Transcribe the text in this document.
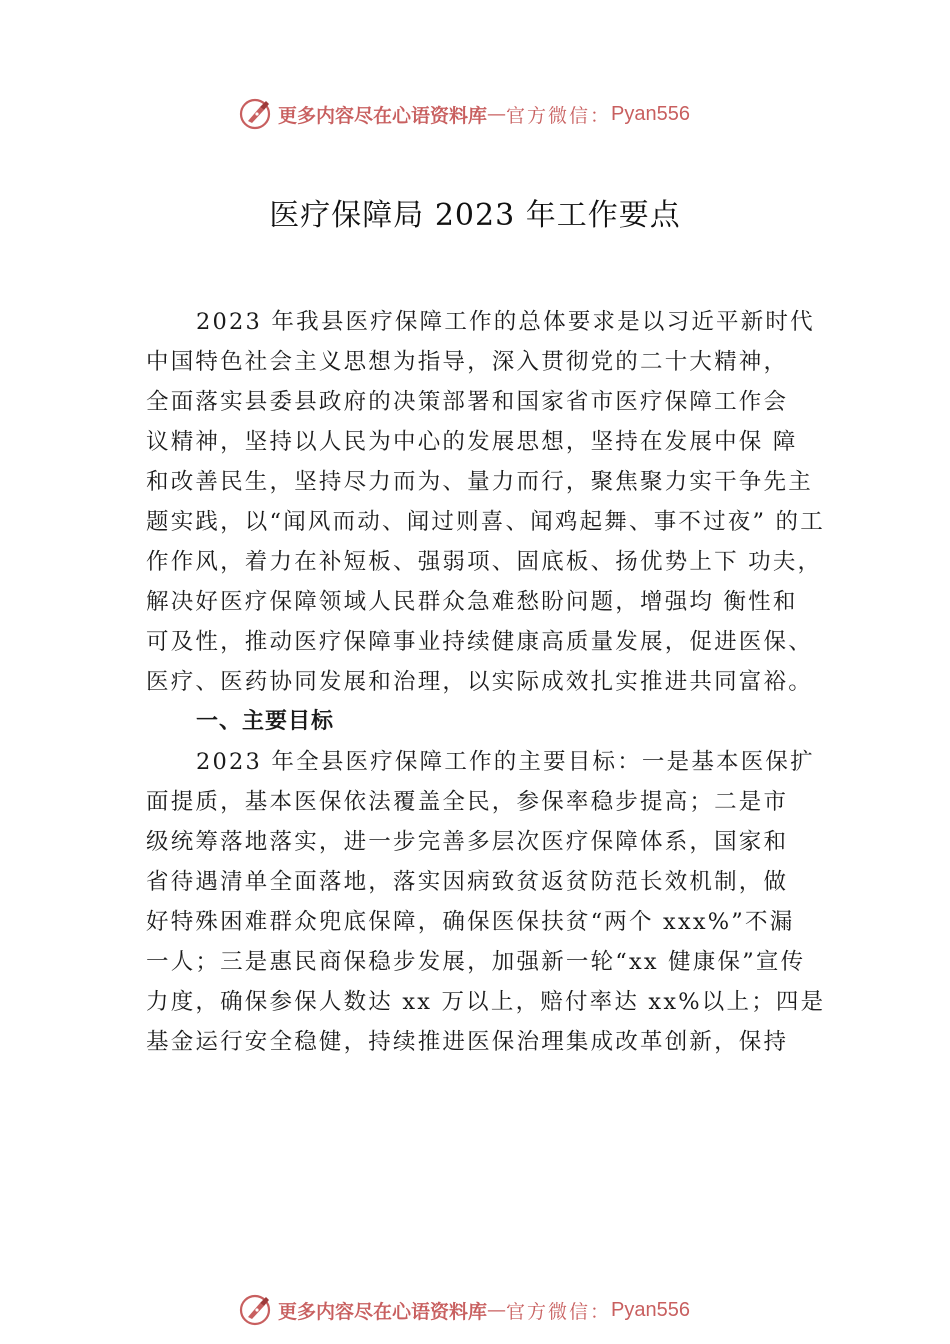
更多内容尽在心语资料库 — 官方微信： Pyan556
医疗保障局 2023 年工作要点
2023 年我县医疗保障工作的总体要求是以习近平新时代
中国特色社会主义思想为指导，深入贯彻党的二十大精神，
全面落实县委县政府的决策部署和国家省市医疗保障工作会
议精神，坚持以人民为中心的发展思想，坚持在发展中保 障
和改善民生，坚持尽力而为、量力而行，聚焦聚力实干争先主
题实践，以“闻风而动、闻过则喜、闻鸡起舞、事不过夜” 的工
作作风，着力在补短板、强弱项、固底板、扬优势上下 功夫，
解决好医疗保障领域人民群众急难愁盼问题，增强均 衡性和
可及性，推动医疗保障事业持续健康高质量发展，促进医保、
医疗、医药协同发展和治理，以实际成效扎实推进共同富裕。
一、主要目标
2023 年全县医疗保障工作的主要目标：一是基本医保扩
面提质，基本医保依法覆盖全民，参保率稳步提高；二是市
级统筹落地落实，进一步完善多层次医疗保障体系，国家和
省待遇清单全面落地，落实因病致贫返贫防范长效机制，做
好特殊困难群众兜底保障，确保医保扶贫“两个 xxx%”不漏
一人；三是惠民商保稳步发展，加强新一轮“xx 健康保”宣传
力度，确保参保人数达 xx 万以上，赔付率达 xx%以上；四是
基金运行安全稳健，持续推进医保治理集成改革创新，保持
更多内容尽在心语资料库 — 官方微信： Pyan556
